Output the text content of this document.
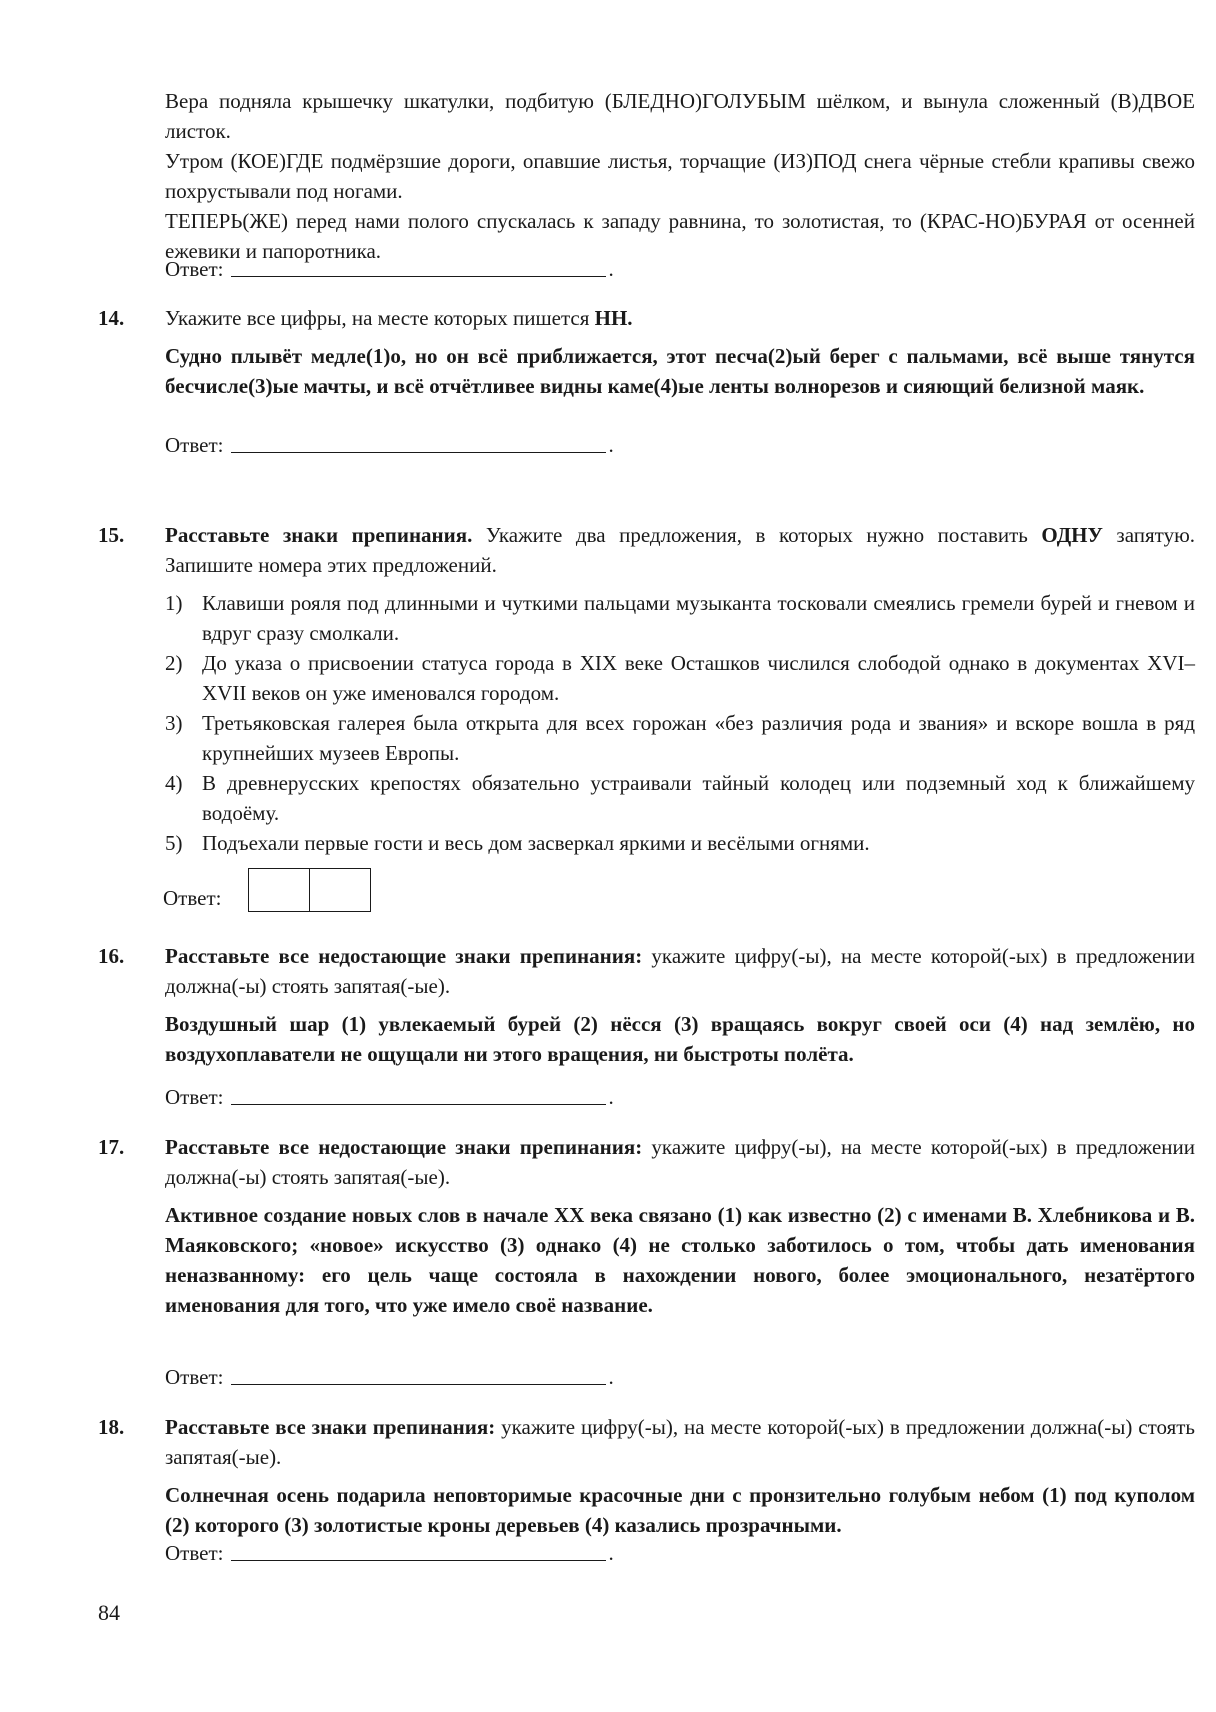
Вера подняла крышечку шкатулки, подбитую (БЛЕДНО)ГОЛУБЫМ шёлком, и вынула сложенный (В)ДВОЕ листок.

Утром (КОЕ)ГДЕ подмёрзшие дороги, опавшие листья, торчащие (ИЗ)ПОД снега чёрные стебли крапивы свежо похрустывали под ногами.

ТЕПЕРЬ(ЖЕ) перед нами полого спускалась к западу равнина, то золотистая, то (КРАС-НО)БУРАЯ от осенней ежевики и папоротника.

Ответ:	.
14. Укажите все цифры, на месте которых пишется НН.

Судно плывёт медле(1)о, но он всё приближается, этот песча(2)ый берег с пальмами, всё выше тянутся бесчисле(3)ые мачты, и всё отчётливее видны каме(4)ые ленты волнорезов и сияющий белизной маяк.

Ответ:	.
15. Расставьте знаки препинания. Укажите два предложения, в которых нужно поставить ОДНУ запятую. Запишите номера этих предложений.

1) Клавиши рояля под длинными и чуткими пальцами музыканта тосковали смеялись гремели бурей и гневом и вдруг сразу смолкали.
2) До указа о присвоении статуса города в XIX веке Осташков числился слободой однако в документах XVI–XVII веков он уже именовался городом.
3) Третьяковская галерея была открыта для всех горожан «без различия рода и звания» и вскоре вошла в ряд крупнейших музеев Европы.
4) В древнерусских крепостях обязательно устраивали тайный колодец или подземный ход к ближайшему водоёму.
5) Подъехали первые гости и весь дом засверкал яркими и весёлыми огнями.
Ответ:
16. Расставьте все недостающие знаки препинания: укажите цифру(-ы), на месте которой(-ых) в предложении должна(-ы) стоять запятая(-ые).

Воздушный шар (1) увлекаемый бурей (2) нёсся (3) вращаясь вокруг своей оси (4) над землёю, но воздухоплаватели не ощущали ни этого вращения, ни быстроты полёта.

Ответ:	.
17. Расставьте все недостающие знаки препинания: укажите цифру(-ы), на месте которой(-ых) в предложении должна(-ы) стоять запятая(-ые).

Активное создание новых слов в начале XX века связано (1) как известно (2) с именами В. Хлебникова и В. Маяковского; «новое» искусство (3) однако (4) не столько заботилось о том, чтобы дать именования неназванному: его цель чаще состояла в нахождении нового, более эмоционального, незатёртого именования для того, что уже имело своё название.

Ответ:	.
18. Расставьте все знаки препинания: укажите цифру(-ы), на месте которой(-ых) в предложении должна(-ы) стоять запятая(-ые).

Солнечная осень подарила неповторимые красочные дни с пронзительно голубым небом (1) под куполом (2) которого (3) золотистые кроны деревьев (4) казались прозрачными.

Ответ:	.
84
